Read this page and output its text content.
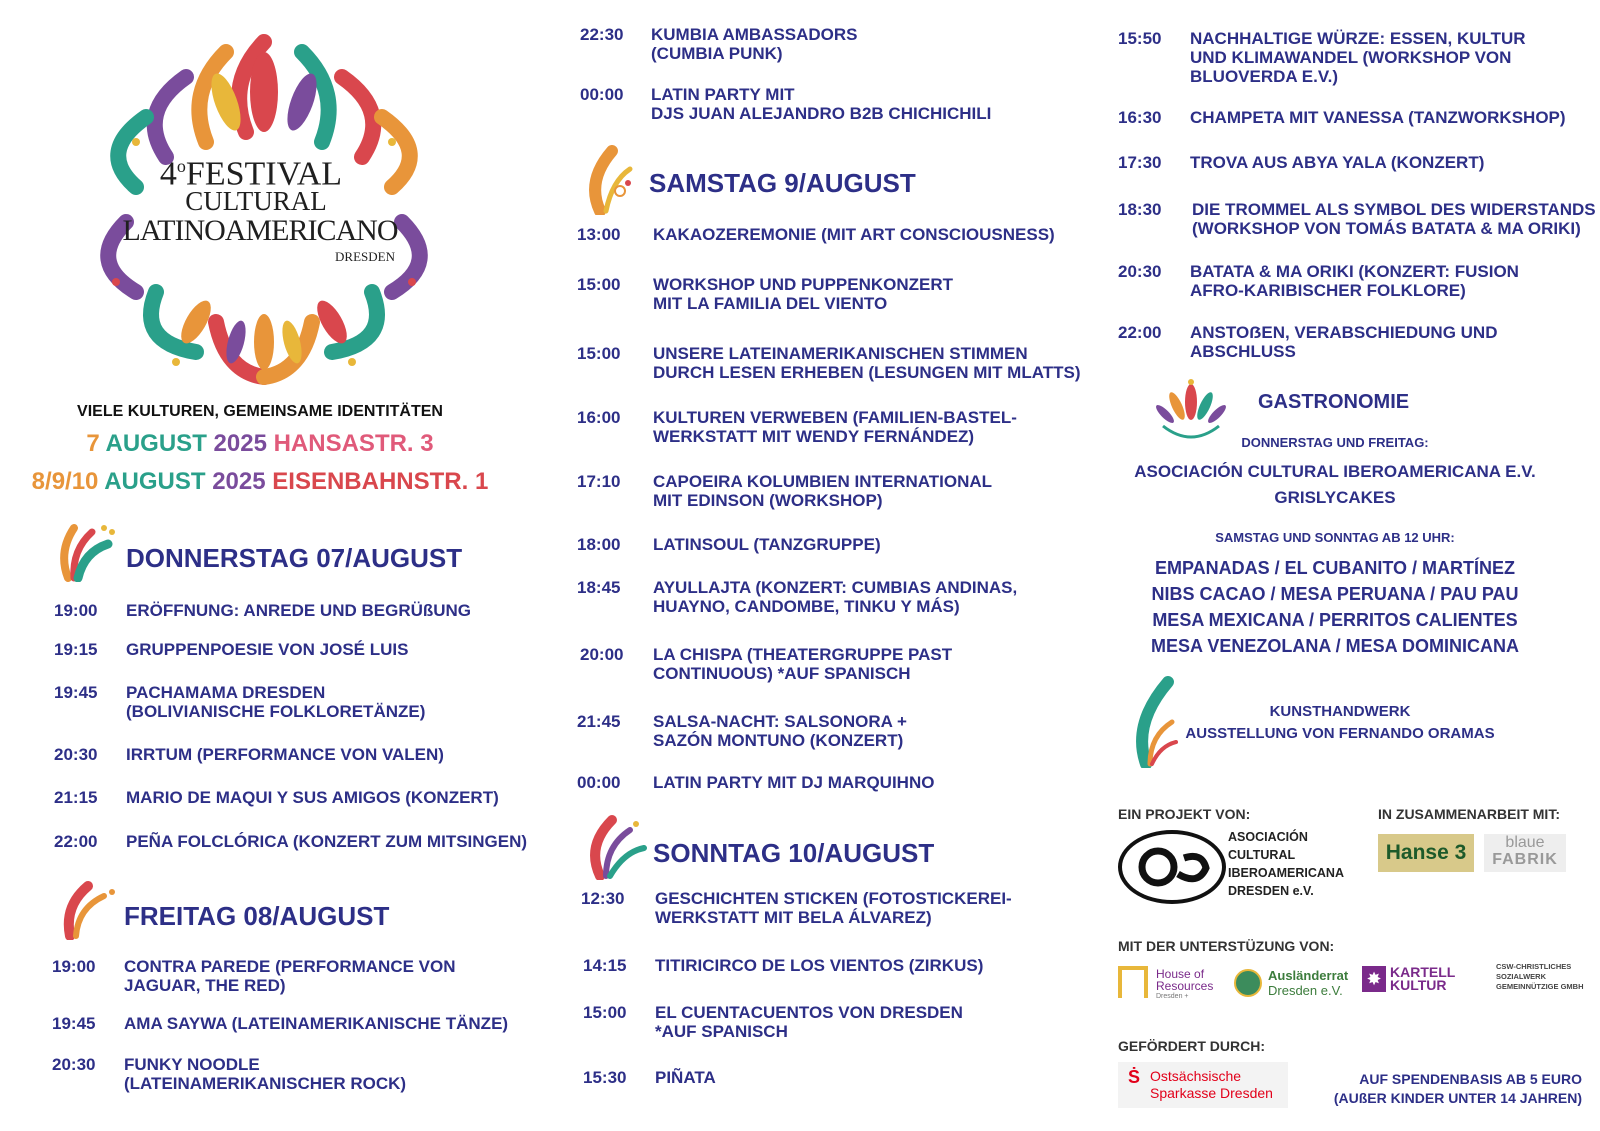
4$^o$FESTIVAL
CULTURAL
LATINOAMERICANO
DRESDEN
VIELE KULTUREN, GEMEINSAME IDENTITÄTEN
7 AUGUST 2025 HANSASTR. 3
8/9/10 AUGUST 2025 EISENBAHNSTR. 1
DONNERSTAG 07/AUGUST
19:00 ERÖFFNUNG: ANREDE UND BEGRÜßUNG
19:15 GRUPPENPOESIE VON JOSÉ LUIS
19:45 PACHAMAMA DRESDEN
(BOLIVIANISCHE FOLKLORETÄNZE)
20:30 IRRTUM (PERFORMANCE VON VALEN)
21:15 MARIO DE MAQUI Y SUS AMIGOS (KONZERT)
22:00 PEÑA FOLCLÓRICA (KONZERT ZUM MITSINGEN)
FREITAG 08/AUGUST
19:00 CONTRA PAREDE (PERFORMANCE VON
JAGUAR, THE RED)
19:45 AMA SAYWA (LATEINAMERIKANISCHE TÄNZE)
20:30 FUNKY NOODLE
(LATEINAMERIKANISCHER ROCK)
22:30 KUMBIA AMBASSADORS
(CUMBIA PUNK)
00:00 LATIN PARTY MIT
DJS JUAN ALEJANDRO B2B CHICHICHILI
SAMSTAG 9/AUGUST
13:00 KAKAOZEREMONIE (MIT ART CONSCIOUSNESS)
15:00 WORKSHOP UND PUPPENKONZERT
MIT LA FAMILIA DEL VIENTO
15:00 UNSERE LATEINAMERIKANISCHEN STIMMEN
DURCH LESEN ERHEBEN (LESUNGEN MIT MLATTS)
16:00 KULTUREN VERWEBEN (FAMILIEN-BASTEL-
WERKSTATT MIT WENDY FERNÁNDEZ)
17:10 CAPOEIRA KOLUMBIEN INTERNATIONAL
MIT EDINSON (WORKSHOP)
18:00 LATINSOUL (TANZGRUPPE)
18:45 AYULLAJTA (KONZERT: CUMBIAS ANDINAS,
HUAYNO, CANDOMBE, TINKU Y MÁS)
20:00 LA CHISPA (THEATERGRUPPE PAST
CONTINUOUS) *AUF SPANISCH
21:45 SALSA-NACHT: SALSONORA +
SAZÓN MONTUNO (KONZERT)
00:00 LATIN PARTY MIT DJ MARQUIHNO
SONNTAG 10/AUGUST
12:30 GESCHICHTEN STICKEN (FOTOSTICKEREI-
WERKSTATT MIT BELA ÁLVAREZ)
14:15 TITIRICIRCO DE LOS VIENTOS (ZIRKUS)
15:00 EL CUENTACUENTOS VON DRESDEN
*AUF SPANISCH
15:30 PIÑATA
15:50 NACHHALTIGE WÜRZE: ESSEN, KULTUR
UND KLIMAWANDEL (WORKSHOP VON
BLUOVERDA E.V.)
16:30 CHAMPETA MIT VANESSA (TANZWORKSHOP)
17:30 TROVA AUS ABYA YALA (KONZERT)
18:30 DIE TROMMEL ALS SYMBOL DES WIDERSTANDS
(WORKSHOP VON TOMÁS BATATA & MA ORIKI)
20:30 BATATA & MA ORIKI (KONZERT: FUSION
AFRO-KARIBISCHER FOLKLORE)
22:00 ANSTOẞEN, VERABSCHIEDUNG UND ABSCHLUSS
GASTRONOMIE
DONNERSTAG UND FREITAG:
ASOCIACIÓN CULTURAL IBEROAMERICANA E.V.
GRISLYCAKES
SAMSTAG UND SONNTAG AB 12 UHR:
EMPANADAS / EL CUBANITO / MARTÍNEZ
NIBS CACAO / MESA PERUANA / PAU PAU
MESA MEXICANA / PERRITOS CALIENTES
MESA VENEZOLANA / MESA DOMINICANA
KUNSTHANDWERK
AUSSTELLUNG VON FERNANDO ORAMAS
EIN PROJEKT VON:
ASOCIACIÓN
CULTURAL
IBEROAMERICANA
DRESDEN e.V.
IN ZUSAMMENARBEIT MIT:
Hanse 3	blaue
FABRIK
MIT DER UNTERSTÜZUNG VON:
House of
Resources
Dresden +
Ausländerrat
Dresden e.V.
✸ KARTELL
KULTUR
CSW-CHRISTLICHES
SOZIALWERK
GEMEINNÜTZIGE GMBH
GEFÖRDERT DURCH:
Ṡ Ostsächsische
Sparkasse Dresden
AUF SPENDENBASIS AB 5 EURO
(AUßER KINDER UNTER 14 JAHREN)
